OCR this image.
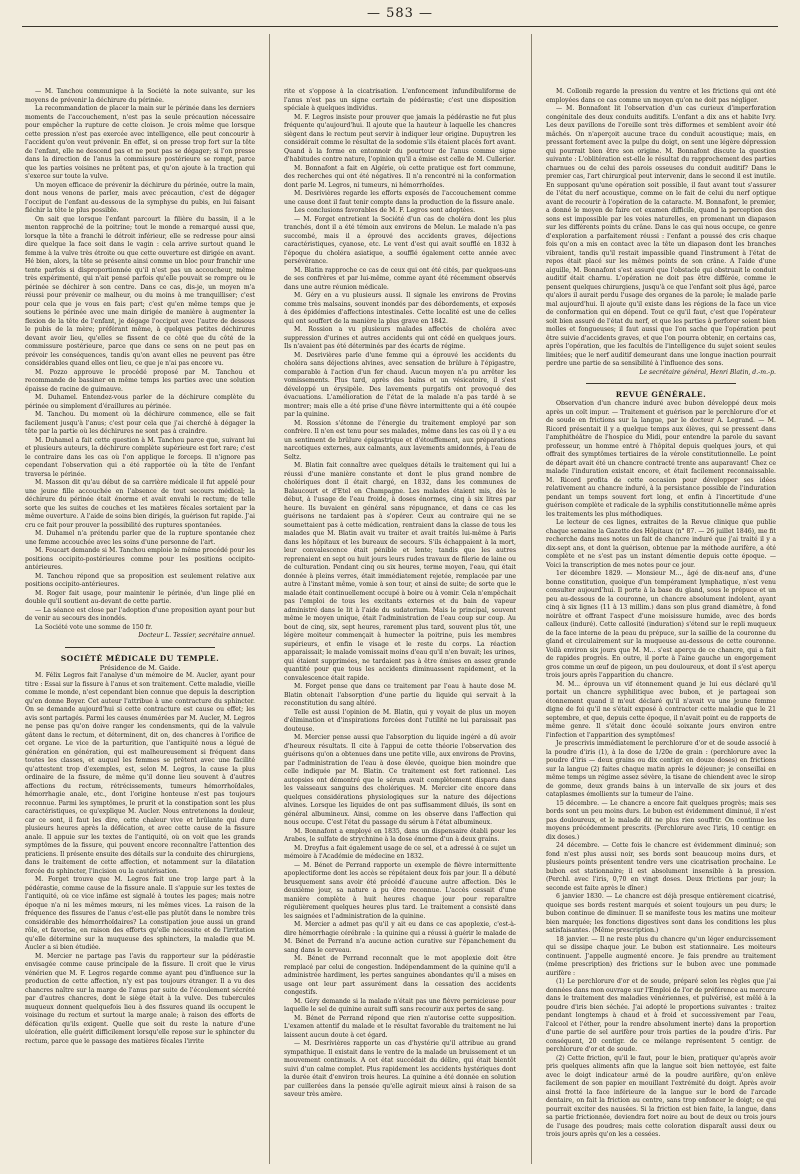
— 583 —

— M. Tanchou communique à la Société la note suivante, sur les moyens de prévenir la déchirure du périnée.

La recommandation de placer la main sur le périnée dans les derniers moments de l'accouchement, n'est pas la seule précaution nécessaire pour empêcher la rupture de cette cloison. Je crois même que lorsque cette pression n'est pas exercée avec intelligence, elle peut concourir à l'accident qu'on veut prévenir. En effet, si on presse trop fort sur la tête de l'enfant, elle ne descend pas et ne peut pas se dégager; si l'on presse dans la direction de l'anus la commissure postérieure se rompt, parce que les parties voisines ne prêtent pas, et qu'on ajoute à la traction qui s'exerce sur toute la vulve.

Un moyen efficace de prévenir la déchirure du périnée, outre la main, dont nous venons de parler, mais avec précaution, c'est de dégager l'occiput de l'enfant au-dessous de la symphyse du pubis, en lui faisant fléchir la tête le plus possible.

On sait que lorsque l'enfant parcourt la filière du bassin, il a le menton rapproché de la poitrine; tout le monde a remarqué aussi que, lorsque la tête a franchi le détroit inférieur, elle se redresse pour ainsi dire quelque la face soit dans le vagin : cela arrive surtout quand le femme à la vulve très étroite ou que cette ouverture est dirigée en avant. Hé bien, alors, la tête se présente ainsi comme un bloc pour franchir une tente parfois si disproportionnée qu'il n'est pas un accoucheur, même très expérimenté, qui n'ait pensé parfois qu'elle pouvait se rompre ou le périnée se déchirer à son centre. Dans ce cas, dis-je, un moyen m'a réussi pour prévenir ce malheur, ou du moins à me tranquilliser; c'est pour cela que je vous en fais part; c'est qu'en même temps que je soutiens le périnée avec une main dirigée de manière à augmenter la flexion de la tête de l'enfant, je dégage l'occiput avec l'autre de dessous le pubis de la mère; préférant même, à quelques petites déchirures devant avoir lieu, qu'elles se fissent de ce côté que du côté de la commissure postérieure, parce que dans ce sens on ne peut pas en prévoir les conséquences, tandis qu'on avant elles ne peuvent pas être considérables quand elles ont lieu, ce que je n'ai pas encore vu.

M. Pozzo approuve le procédé proposé par M. Tanchou et recommande de bassiner en même temps les parties avec une solution épaisse de racine de guimauve.

M. Duhamel. Entendez-vous parler de la déchirure complète du périnée ou simplement d'éraillures au périnée.

M. Tanchou. Du moment où la déchirure commence, elle se fait facilement jusqu'à l'anus; c'est pour cela que j'ai cherché à dégager la tête par la partie où les déchirures ne sont pas à craindre.

M. Duhamel a fait cette question à M. Tanchou parce que, suivant lui et plusieurs auteurs, la déchirure complète supérieure est fort rare; c'est le contraire dans les cas où l'on applique le forceps. Il n'ignore pas cependant l'observation qui a été rapportée où la tête de l'enfant traversa le périnée.

M. Masson dit qu'au début de sa carrière médicale il fut appelé pour une jeune fille accouchée en l'absence de tout secours médical; la déchirure du périnée était énorme et avait envahi le rectum; de telle sorte que les suites de couches et les matières fécales sortaient par la même ouverture. A l'aide de soins bien dirigés, la guérison fut rapide. J'ai cru ce fait pour prouver la possibilité des ruptures spontanées.

M. Duhamel n'a prétendu parler que de la rupture spontanée chez une femme accouchée avec les soins d'une personne de l'art.

M. Foucart demande si M. Tanchou emploie le même procédé pour les positions occipito-postérieures comme pour les positions occipito-antérieures.

M. Tanchou répond que sa proposition est seulement relative aux positions occipito-antérieures.

M. Roger fait usage, pour maintenir le périnée, d'un linge plié en double qu'il soutient au-devant de cette partie.

— La séance est close par l'adoption d'une proposition ayant pour but de venir au secours des inondés.

La Société vote une somme de 150 fr.

Docteur L. Tessier, secrétaire annuel.

SOCIÉTÉ MÉDICALE DU TEMPLE.

Présidence de M. Gaide.

M. Félix Legros fait l'analyse d'un mémoire de M. Aucler, ayant pour titre : Essai sur la fissure à l'anus et son traitement. Cette maladie, vieille comme le monde, n'est cependant bien connue que depuis la description qu'en donne Boyer. Cet auteur l'attribue à une contracture du sphincter. On se demande aujourd'hui si cette contracture est cause ou effet; les avis sont partagés. Parmi les causes énumérées par M. Aucler, M. Legros ne pense pas qu'on doive ranger les condensments, qui de la valvule gâtent dans le rectum, et déterminent, dit on, des chancres à l'orifice de cet organe. Le vice de la parturition, que l'antiquité nous a légué de génération en génération, qui est malheureusement si fréquent dans toutes les classes, et auquel les femmes se prêtent avec une facilité qu'attestent trop d'exemples, est, selon M. Legros, la cause la plus ordinaire de la fissure, de même qu'il donne lieu souvent à d'autres affections du rectum, rétrécissements, tumeurs hémorrhoïdales, hémorrhagie anale, etc., dont l'origine honteuse n'est pas toujours reconnue. Parmi les symptômes, le prurit et la constipation sont les plus caractéristiques, ce qu'explique M. Aucler. Nous entretenons la douleur, car ce sont, il faut les dire, cette chaleur vive et brûlante qui dure plusieurs heures après la défécation, et avec cette cause de la fissure anale. Il appuie sur les textes de l'antiquité, où on voit que les grands symptômes de la fissure, qui pouvent encore reconnaître l'attention des praticiens. Il présente ensuite des détails sur la conduite des chirurgiens, dans le traitement de cette affection, et notamment sur la dilatation forcée du sphincter, l'incision ou la cautérisation.

M. Forget trouve que M. Legros fait une trop large part à la pédérastie, comme cause de la fissure anale. Il s'appuie sur les textes de l'antiquité, où ce vice infâme est signalé à toutes les pages; mais notre époque n'a ni les mêmes mœurs, ni les mêmes vices. La raison de la fréquence des fissures de l'anus c'est-elle pas plutôt dans le nombre très considérable des hémorrhoïdaires? La constipation joue aussi un grand rôle, et favorise, en raison des efforts qu'elle nécessite et de l'irritation qu'elle détermine sur la muqueuse des sphincters, la maladie que M. Aucler a si bien étudiée.

M. Mercier ne partage pas l'avis du rapporteur sur la pédérastie envisagée comme cause principale de la fissure. Il croit que le virus vénérien que M. F. Legros regarde comme ayant peu d'influence sur la production de cette affection, n'y est pas toujours étranger. Il a vu des chancres naître sur la marge de l'anus par suite de l'écoulement sécrété par d'autres chancres, dont le siège était à la vulve. Des tubercules muqueux donnent quelquefois lieu à des fissures quand ils occupent le voisinage du rectum et surtout la marge anale; à raison des efforts de défécation qu'ils exigent. Quelle que soit du reste la nature d'une ulcération, elle guérit difficilement lorsqu'elle repose sur le sphincter du rectum, parce que le passage des matières fécales l'irrite

rite et s'oppose à la cicatrisation. L'enfoncement infundibuliforme de l'anus n'est pas un signe certain de pédérastie; c'est une disposition spéciale à quelques individus.

M. F. Legros insiste pour prouver que jamais la pédérastie ne fut plus fréquente qu'aujourd'hui. Il ajoute que la hauteur à laquelle les chancres siègent dans le rectum peut servir à indiquer leur origine. Dupuytren les considérait comme le résultat de la sodomie s'ils étaient placés fort avant. Quand à la forme en entonnoir du pourtour de l'anus comme signe d'habitudes contre nature, l'opinion qu'il a émise est celle de M. Cullerier.

M. Bonnafont a fait en Algérie, où cette pratique est fort commune, des recherches qui ont été négatives. Il n'a rencontré ni la conformation dont parle M. Legros, ni tumeurs, ni hémorrhoïdes.

M. Desrivières regarde les efforts exposés de l'accouchement comme une cause dont il faut tenir compte dans la production de la fissure anale.

Les conclusions favorables de M. F. Legros sont adoptées.

— M. Forget entretient la Société d'un cas de choléra dont les plus tranchés, dont il a été témoin aux environs de Melun. Le malade n'a pas succombé, mais il a éprouvé des accidents graves, déjections caractéristiques, cyanose, etc. Le vent d'est qui avait soufflé en 1832 à l'époque du choléra asiatique, a soufflé également cette année avec persévérance.

M. Blatin rapproche ce cas de ceux qui ont été cités, par quelques-uns de ses confrères et par lui-même, comme ayant été récemment observés dans une autre réunion médicale.

M. Géry en a vu plusieurs aussi. Il signale les environs de Provins comme très malsains, souvent inondés par des débordements, et exposés à des épidémies d'affections intestinales. Cette localité est une de celles qui ont souffert de la manière la plus grave en 1842.

M. Rossion a vu plusieurs malades affectés de choléra avec suppression d'urines et autres accidents qui ont cédé en quelques jours. Ils n'avaient pas été déterminés par des écarts de régime.

M. Desrivières parle d'une femme qui a éprouvé les accidents du choléra sans déjections alvines, avec sensation de brûlure à l'épigastre, comparable à l'action d'un fer chaud. Aucun moyen n'a pu arrêter les vomissements. Plus tard, après des bains et un vésicatoire, il s'est développé un érysipèle. Des lavements purgatifs ont provoqué des évacuations. L'amélioration de l'état de la malade n'a pas tardé à se montrer; mais elle a été prise d'une fièvre intermittente qui a été coupée par la quinine.

M. Rossion s'étonne de l'énergie du traitement employé par son confrère. Il n'en est tenu pour ses malades, même dans les cas où il y a eu un sentiment de brûlure épigastrique et d'étouffement, aux préparations narcotiques externes, aux calmants, aux lavements amidonnés, à l'eau de Seltz.

M. Blatin fait connaître avec quelques détails le traitement qui lui a réussi d'une manière constante et dont le plus grand nombre de cholériques dont il était chargé, en 1832, dans les communes de Balaucourt et d'Etel en Champagne. Les malades étaient mis, dès le début, à l'usage de l'eau froide, à doses énormes, cinq à six litres par heure. Ils buvaient en général sans répugnance, et dans ce cas les guérisons ne tardaient pas à s'opérer. Ceux au contraire qui ne se soumettaient pas à cette médication, rentraient dans la classe de tous les malades que M. Blatin avait vu traiter et avait traités lui-même à Paris dans les hôpitaux et les bureaux de secours. S'ils échappaient à la mort, leur convalescence était pénible et lente; tandis que les autres reprenaient en sept ou huit jours leurs rudes travaux de filerie de laine ou de culturation. Pendant cinq ou six heures, terme moyen, l'eau, qui était donnée à pleins verres, était immédiatement rejetée, remplacée par une autre à l'instant même, vomie à son tour, et ainsi de suite; de sorte que le malade était continuellement occupé à boire ou à vomir. Cela n'empêchait pas l'emploi de tous les excitants externes et du bain de vapeur administré dans le lit à l'aide du sudatorium. Mais le principal, souvent même le moyen unique, était l'administration de l'eau coup sur coup. Au bout de cinq, six, sept heures, rarement plus tard, souvent plus tôt, une légère moiteur commençait à humecter la poitrine, puis les membres supérieurs, et enfin le visage et le reste du corps. La réaction apparaissait; le malade vomissait moins d'eau qu'il n'en buvait; les urines, qui étaient supprimées, ne tardaient pas à être émises en assez grande quantité pour que tous les accidents diminuassent rapidement, et la convalescence était rapide.

M. Forget pense que dans ce traitement par l'eau à haute dose M. Blatin obtenait l'absorption d'une partie du liquide qui servait à la reconstitution du sang altéré.

Telle est aussi l'opinion de M. Blatin, qui y voyait de plus un moyen d'élimination et d'inspirations forcées dont l'utilité ne lui paraissait pas douteuse.

M. Mercier pense aussi que l'absorption du liquide ingéré a dû avoir d'heureux résultats. Il cite à l'appui de cette théorie l'observation des guérisons qu'on a obtenues dans une petite ville, aux environs de Provins, par l'administration de l'eau à dose élevée, quoique bien moindre que celle indiquée par M. Blatin. Ce traitement est fort rationnel. Les autopsies ont démontré que le sérum avait complètement disparu dans les vaisseaux sanguins des cholériques. M. Mercier cite encore dans quelques considérations physiologiques sur la nature des déjections alvines. Lorsque les liquides de ont pas suffisamment dilués, ils sont en général albumineux. Ainsi, comme on les observe dans l'affection qui nous occupe. C'est l'état du passage du sérum à l'état albumineux.

M. Bonnafont a employé en 1835, dans un dispensaire établi pour les Arabes, le sulfate de strychnine à la dose énorme d'un à deux grains.

M. Dreyfus a fait également usage de ce sel, et a adressé à ce sujet un mémoire à l'Académie de médecine en 1832.

— M. Bénet de Perrand rapporte un exemple de fièvre intermittente apoplectiforme dont les accès se répétaient deux fois par jour. Il a débuté brusquement sans avoir été précédé d'aucune autre affection. Dès le deuxième jour, sa nature a pu être reconnue. L'accès cessait d'une manière complète à huit heures chaque jour pour reparaître régulièrement quelques heures plus tard. Le traitement a consisté dans les saignées et l'administration de la quinine.

M. Mercier a admet pas qu'il y ait eu dans ce cas apoplexie, c'est-à-dire hémorrhagie cérébrale : la quinine qui a réussi à guérir le malade de M. Bénet de Perrand n'a aucune action curative sur l'épanchement du sang dans le cerveau.

M. Bénet de Perrand reconnaît que le mot apoplexie doit être remplacé par celui de congestion. Indépendamment de la quinine qu'il a administrée hardiment, les pertes sanguines abondantes qu'il a mises en usage ont leur part assurément dans la cessation des accidents congestifs.

M. Géry demande si la malade n'était pas une fièvre pernicieuse pour laquelle le sel de quinine aurait suffi sans recourir aux pertes de sang.

M. Bénet de Perrand répond que rien n'autorise cette supposition. L'examen attentif du malade et le résultat favorable du traitement ne lui laissent aucun doute à cet égard.

— M. Desrivières rapporte un cas d'hystérie qu'il attribue au grand sympathique. Il existait dans le ventre de la malade un bruissement et un mouvement continuels. A cet état succédait du délire, qui était bientôt suivi d'un calme complet. Plus rapidement les accidents hystériques dont la durée était d'environ trois heures. La quinine a été donnée en solution par cuillerées dans la pensée qu'elle agirait mieux ainsi à raison de sa saveur très amère.

M. Collonib regarde la pression du ventre et les frictions qui ont été employées dans ce cas comme un moyen qu'on ne doit pas négliger.

— M. Bonnafont lit l'observation d'un cas curieux d'imperforation congénitale des deux conduits auditifs. L'enfant a dix ans et habite Ivry. Les deux pavillons de l'oreille sont très difformes et semblent avoir été mâchés. On n'aperçoit aucune trace du conduit acoustique; mais, en pressant fortement avec la pulpe du doigt, on sent une légère dépression qui pourrait bien être son origine. M. Bonnafont discute la question suivante : L'oblitération est-elle le résultat du rapprochement des parties charnues ou de celui des parois osseuses du conduit auditif? Dans le premier cas, l'art chirurgical peut intervenir, dans le second il est inutile. En supposant qu'une opération soit possible, il faut avant tout s'assurer de l'état du nerf acoustique, comme on le fait de celui du nerf optique avant de recourir à l'opération de la cataracte. M. Bonnafont, le premier, a donné le moyen de faire cet examen difficile, quand la perception des sons est impossible par les voies naturelles, en promenant un diapason sur les différents points du crâne. Dans le cas qui nous occupe, ce genre d'exploration a parfaitement réussi : l'enfant a poussé des cris chaque fois qu'on a mis en contact avec la tête un diapason dont les branches vibraient, tandis qu'il restait impassible quand l'instrument à l'état de repos était placé sur les mêmes points de son crâne. A l'aide d'une aiguille, M. Bonnafont s'est assuré que l'obstacle qui obstruait le conduit auditif était charnu. L'opération ne doit pas être différée, comme le pensent quelques chirurgiens, jusqu'à ce que l'enfant soit plus âgé, parce qu'alors il aurait perdu l'usage des organes de la parole; le malade parle mal aujourd'hui. Il ajoute qu'il existe dans les régions de la face un vice de conformation qui en dépend. Tout ce qu'il faut, c'est que l'opérateur soit bien assuré de l'état du nerf, et que les parties à perforer soient bien molles et fongueuses; il faut aussi que l'on sache que l'opération peut être suivie d'accidents graves, et que l'on pourra obtenir, en certains cas, après l'opération, que les facultés de l'intelligence du sujet soient seules limitées; que le nerf auditif demeurant dans une longue inaction pourrait perdre une partie de sa sensibilité à l'influence des sons.

Le secrétaire général, Henri Blatin, d.-m.-p.

REVUE GÉNÉRALE.

Observation d'un chancre induré avec bubon développé deux mois après un coït impur. — Traitement et guérison par le perchlorure d'or et de soude en frictions sur la langue, par le docteur A. Legrand. — M. Ricord présentait il y a quelque temps aux élèves, qui se pressent dans l'amphithéâtre de l'hospice du Midi, pour entendre la parole du savant professeur, un homme entré à l'hôpital depuis quelques jours, et qui offrait des symptômes tertiaires de la vérole constitutionnelle. Le point de départ avait été un chancre contracté trente ans auparavant! Chez ce malade l'induration existait encore, et était facilement reconnaissable. M. Ricord profita de cette occasion pour développer ses idées relativement au chancre induré, à la persistance possible de l'induration pendant un temps souvent fort long, et enfin à l'incertitude d'une guérison complète et radicale de la syphilis constitutionnelle même après les traitements les plus méthodiques.

Le lecteur de ces lignes, extraites de la Revue clinique que publie chaque semaine la Gazette des Hôpitaux (n° 87. — 26 juillet 1846), me fit recherche dans mes notes un fait de chancre induré que j'ai traité il y a dix-sept ans, et dont la guérison, obtenue par la méthode aurifère, a été complète et ne s'est pas un instant démentie depuis cette époque. — Voici la transcription de mes notes pour ce jour.

1er décembre 1829. — Monsieur M..., âgé de dix-neuf ans, d'une bonne constitution, quoique d'un tempérament lymphatique, n'est venu consulter aujourd'hui. Il porte à la base du gland, sous le prépuce et un peu au-dessous de la couronne, un chancre absolument indolent, ayant cinq à six lignes (11 à 13 millim.) dans son plus grand diamètre, à fond noirâtre et offrant l'aspect d'une moisissure humide, avec des bords calleux (induré). Cette callosité (induration) s'étend sur le repli muqueux de la face interne de la peau du prépuce, sur la saillie de la couronne du gland et circulairement sur la muqueuse au-dessous de cette couronne. Voilà environ six jours que M. M... s'est aperçu de ce chancre, qui a fait de rapides progrès. En outre, il porte à l'aine gauche un engorgement gros comme un œuf de pigeon, un peu douloureux, et dont il s'est aperçu trois jours après l'apparition du chancre.

M. M... éprouva un vif étonnement quand je lui eus déclaré qu'il portait un chancre syphilitique avec bubon, et je partageai son étonnement quand il m'eut déclaré qu'il n'avait vu une jeune femme digne de foi qu'il ne s'était exposé à contracter cette maladie que le 21 septembre, et que, depuis cette époque, il n'avait point eu de rapports de même genre. Il s'était donc écoulé soixante jours environ entre l'infection et l'apparition des symptômes!

Je prescrivis immédiatement le perchlorure d'or et de soude associé à la poudre d'iris (1), à la dose de 1/20e de grain : (perchlorure avec la poudre d'iris — deux grains ou dix centigr. en douze doses) en frictions sur la langue (2) faites chaque matin après le déjeuner; je conseillai en même temps un régime assez sévère, la tisane de chiendent avec le sirop de gomme, deux grands bains à un intervalle de six jours et des cataplasmes émollients sur la tumeur de l'aine.

15 décembre. — Le chancre a encore fait quelques progrès; mais ses bords sont un peu moins durs. Le bubon est évidemment diminué, il n'est pas douloureux, et le malade dit ne plus rien souffrir. On continue les moyens précédemment prescrits. (Perchlorure avec l'iris, 10 centigr. en dix doses.)

24 décembre. — Cette fois le chancre est évidemment diminué; son fond n'est plus aussi noir, ses bords sont beaucoup moins durs, et plusieurs points présentent tendre vers une cicatrisation prochaine. Le bubon est stationnaire; il est absolument insensible à la pression. (Perchl. avec l'iris, 0,70 en vingt doses. Deux frictions par jour; la seconde est faite après le dîner.)

6 janvier 1830. — Le chancre est déjà presque entièrement cicatrisé, quoique ses bords restent marqués et soient toujours un peu durs; le bubon continue de diminuer. Il se manifeste tous les matins une moiteur bien marquée; les fonctions digestives sont dans les conditions les plus satisfaisantes. (Même prescription.)

18 janvier. — Il ne reste plus du chancre qu'un léger endurcissement qui se dissipe chaque jour. Le bubon est stationnaire. Les moiteurs continuent. J'appelle augmenté encore. Je fais prendre au traitement (même prescription) des frictions sur le bubon avec une pommade aurifère :

(1) Le perchlorure d'or et de soude, préparé selon les règles que j'ai données dans mon ouvrage sur l'Emploi de l'or de préférence au mercure dans le traitement des maladies vénériennes, et pulvérisé, est mêlé à la poudre d'iris bien séchée. J'ai adopté le proportions suivantes : traitez pendant longtemps à chaud et à froid et successivement par l'eau, l'alcool et l'éther, pour la rendre absolument inerte) dans la proportion d'une partie de sel aurifère pour trois parties de la poudre d'iris. Par conséquent, 20 centigr. de ce mélange représentent 5 centigr. de perchlorure d'or et de soude.

(2) Cette friction, qu'il le faut, pour le bien, pratiquer qu'après avoir pris quelques aliments afin que la langue soit bien nettoyée, est faite avec le doigt indicateur armé de la poudre aurifère, qu'on enlève facilement de son papier en mouillant l'extrémité du doigt. Après avoir ainsi frotté la face inférieure de la langue sur le bord de l'arcade dentaire, on fait la friction au centre, sans trop enfoncer le doigt; ce qui pourrait exciter des nausées. Si la friction est bien faite, la langue, dans sa partie frictionnée, deviendra fort noire au bout de deux ou trois jours de l'usage des poudres; mais cette coloration disparaît aussi deux ou trois jours après qu'on les a cessées.
